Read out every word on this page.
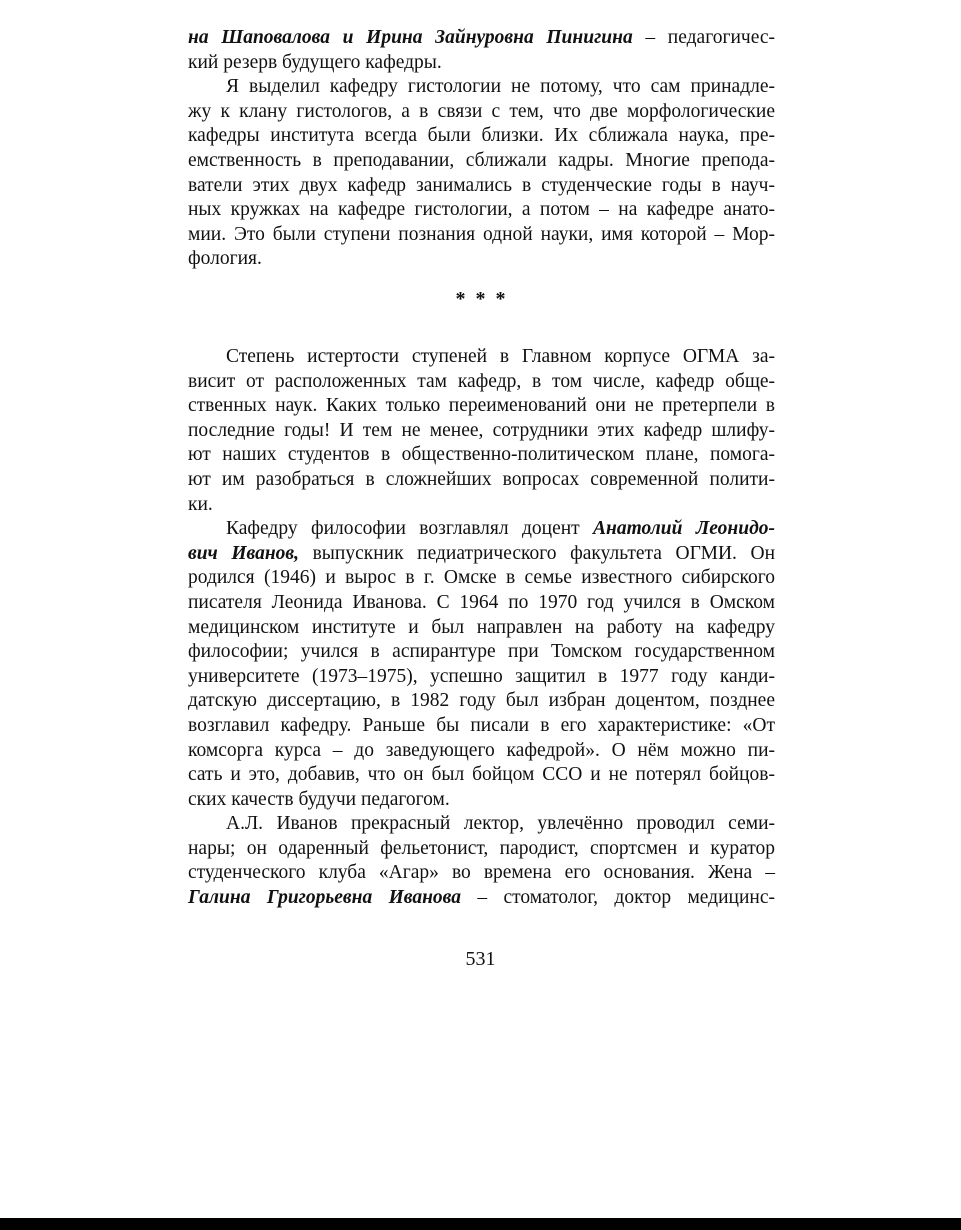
на Шаповалова и Ирина Зайнуровна Пинигина – педагогичес-
кий резерв будущего кафедры.
Я выделил кафедру гистологии не потому, что сам принадле-
жу к клану гистологов, а в связи с тем, что две морфологические
кафедры института всегда были близки. Их сближала наука, пре-
емственность в преподавании, сближали кадры. Многие препода-
ватели этих двух кафедр занимались в студенческие годы в науч-
ных кружках на кафедре гистологии, а потом – на кафедре анато-
мии. Это были ступени познания одной науки, имя которой – Мор-
фология.
***
Степень истертости ступеней в Главном корпусе ОГМА за-
висит от расположенных там кафедр, в том числе, кафедр обще-
ственных наук. Каких только переименований они не претерпели в
последние годы! И тем не менее, сотрудники этих кафедр шлифу-
ют наших студентов в общественно-политическом плане, помога-
ют им разобраться в сложнейших вопросах современной полити-
ки.
Кафедру философии возглавлял доцент Анатолий Леонидо-
вич Иванов, выпускник педиатрического факультета ОГМИ. Он
родился (1946) и вырос в г. Омске в семье известного сибирского
писателя Леонида Иванова. С 1964 по 1970 год учился в Омском
медицинском институте и был направлен на работу на кафедру
философии; учился в аспирантуре при Томском государственном
университете (1973–1975), успешно защитил в 1977 году канди-
датскую диссертацию, в 1982 году был избран доцентом, позднее
возглавил кафедру. Раньше бы писали в его характеристике: «От
комсорга курса – до заведующего кафедрой». О нём можно пи-
сать и это, добавив, что он был бойцом ССО и не потерял бойцов-
ских качеств будучи педагогом.
А.Л. Иванов прекрасный лектор, увлечённо проводил семи-
нары; он одаренный фельетонист, пародист, спортсмен и куратор
студенческого клуба «Агар» во времена его основания. Жена –
Галина Григорьевна Иванова – стоматолог, доктор медицинс-
531
